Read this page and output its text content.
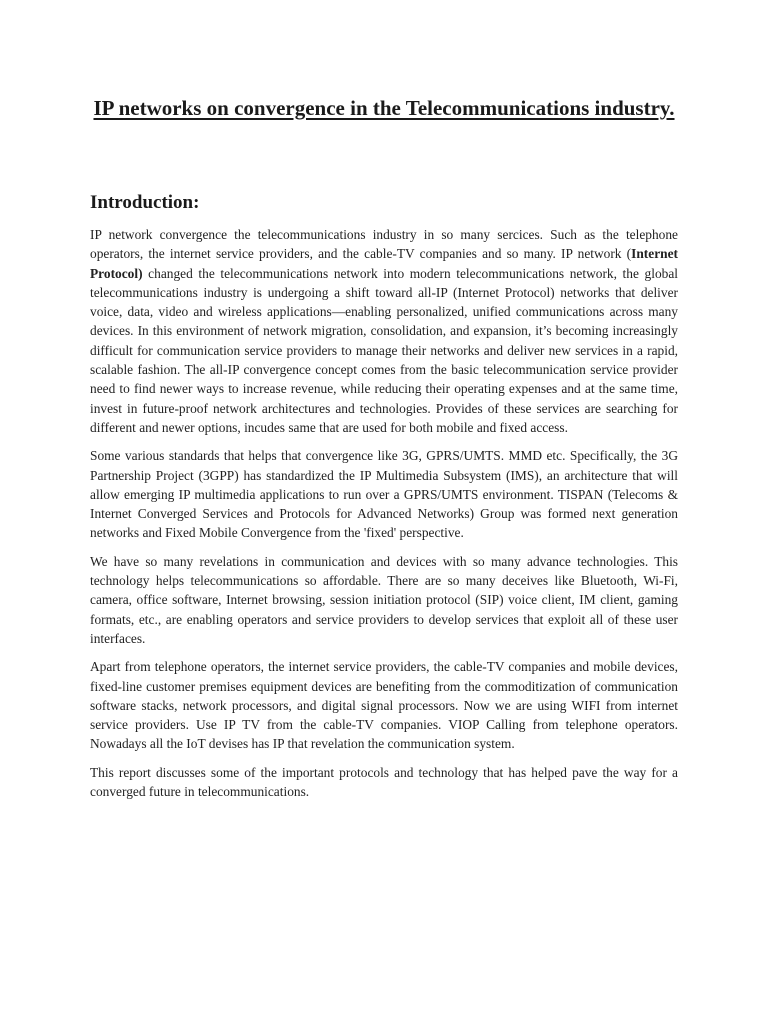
IP networks on convergence in the Telecommunications industry.
Introduction:

IP network convergence the telecommunications industry in so many sercices. Such as the telephone operators, the internet service providers, and the cable-TV companies and so many. IP network (Internet Protocol) changed the telecommunications network into modern telecommunications network, the global telecommunications industry is undergoing a shift toward all-IP (Internet Protocol) networks that deliver voice, data, video and wireless applications—enabling personalized, unified communications across many devices. In this environment of network migration, consolidation, and expansion, it’s becoming increasingly difficult for communication service providers to manage their networks and deliver new services in a rapid, scalable fashion. The all-IP convergence concept comes from the basic telecommunication service provider need to find newer ways to increase revenue, while reducing their operating expenses and at the same time, invest in future-proof network architectures and technologies. Provides of these services are searching for different and newer options, incudes same that are used for both mobile and fixed access.

Some various standards that helps that convergence like 3G, GPRS/UMTS. MMD etc. Specifically, the 3G Partnership Project (3GPP) has standardized the IP Multimedia Subsystem (IMS), an architecture that will allow emerging IP multimedia applications to run over a GPRS/UMTS environment. TISPAN (Telecoms & Internet Converged Services and Protocols for Advanced Networks) Group was formed next generation networks and Fixed Mobile Convergence from the 'fixed' perspective.

We have so many revelations in communication and devices with so many advance technologies. This technology helps telecommunications so affordable. There are so many deceives like Bluetooth, Wi-Fi, camera, office software, Internet browsing, session initiation protocol (SIP) voice client, IM client, gaming formats, etc., are enabling operators and service providers to develop services that exploit all of these user interfaces.

Apart from telephone operators, the internet service providers, the cable-TV companies and mobile devices, fixed-line customer premises equipment devices are benefiting from the commoditization of communication software stacks, network processors, and digital signal processors. Now we are using WIFI from internet service providers. Use IP TV from the cable-TV companies. VIOP Calling from telephone operators. Nowadays all the IoT devises has IP that revelation the communication system.

This report discusses some of the important protocols and technology that has helped pave the way for a converged future in telecommunications.
